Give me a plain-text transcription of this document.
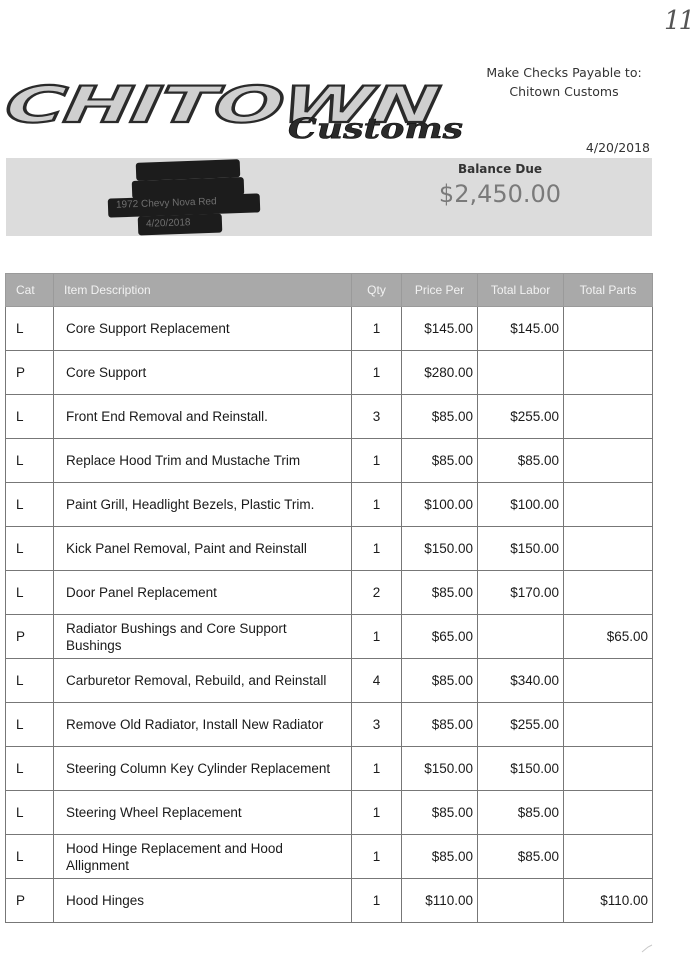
11
CHITOWN Customs
Make Checks Payable to:
Chitown Customs
4/20/2018
1972 Chevy Nova Red
4/20/2018
Balance Due
$2,450.00
Cat	Item Description	Qty	Price Per	Total Labor	Total Parts
L	Core Support Replacement	1	$145.00	$145.00	
P	Core Support	1	$280.00		
L	Front End Removal and Reinstall.	3	$85.00	$255.00	
L	Replace Hood Trim and Mustache Trim	1	$85.00	$85.00	
L	Paint Grill, Headlight Bezels, Plastic Trim.	1	$100.00	$100.00	
L	Kick Panel Removal, Paint and Reinstall	1	$150.00	$150.00	
L	Door Panel Replacement	2	$85.00	$170.00	
P	Radiator Bushings and Core Support Bushings	1	$65.00		$65.00
L	Carburetor Removal, Rebuild, and Reinstall	4	$85.00	$340.00	
L	Remove Old Radiator, Install New Radiator	3	$85.00	$255.00	
L	Steering Column Key Cylinder Replacement	1	$150.00	$150.00	
L	Steering Wheel Replacement	1	$85.00	$85.00	
L	Hood Hinge Replacement and Hood Allignment	1	$85.00	$85.00	
P	Hood Hinges	1	$110.00		$110.00
